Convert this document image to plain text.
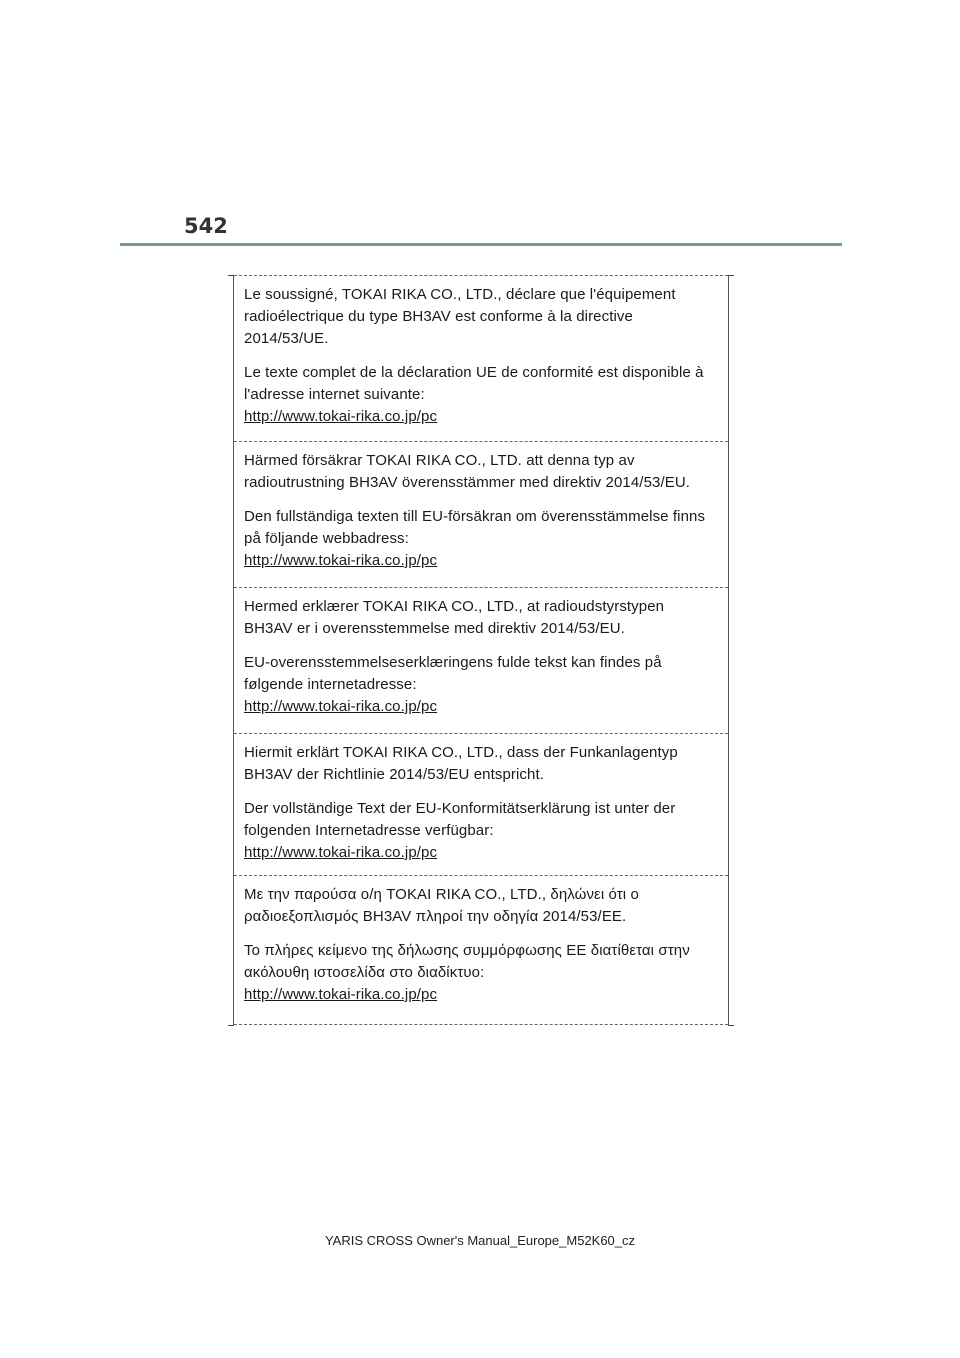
542

Le soussigné, TOKAI RIKA CO., LTD., déclare que l'équipement radioélectrique du type BH3AV est conforme à la directive 2014/53/UE.

Le texte complet de la déclaration UE de conformité est disponible à l'adresse internet suivante:
http://www.tokai-rika.co.jp/pc

Härmed försäkrar TOKAI RIKA CO., LTD. att denna typ av radioutrustning BH3AV överensstämmer med direktiv 2014/53/EU.

Den fullständiga texten till EU-försäkran om överensstämmelse finns på följande webbadress:
http://www.tokai-rika.co.jp/pc

Hermed erklærer TOKAI RIKA CO., LTD., at radioudstyrstypen BH3AV er i overensstemmelse med direktiv 2014/53/EU.

EU-overensstemmelseserklæringens fulde tekst kan findes på følgende internetadresse:
http://www.tokai-rika.co.jp/pc

Hiermit erklärt TOKAI RIKA CO., LTD., dass der Funkanlagentyp BH3AV der Richtlinie 2014/53/EU entspricht.

Der vollständige Text der EU-Konformitätserklärung ist unter der folgenden Internetadresse verfügbar:
http://www.tokai-rika.co.jp/pc

Με την παρούσα ο/η TOKAI RIKA CO., LTD., δηλώνει ότι ο ραδιοεξοπλισμός BH3AV πληροί την οδηγία 2014/53/ΕΕ.

Το πλήρες κείμενο της δήλωσης συμμόρφωσης ΕΕ διατίθεται στην ακόλουθη ιστοσελίδα στο διαδίκτυο:
http://www.tokai-rika.co.jp/pc

YARIS CROSS Owner's Manual_Europe_M52K60_cz
